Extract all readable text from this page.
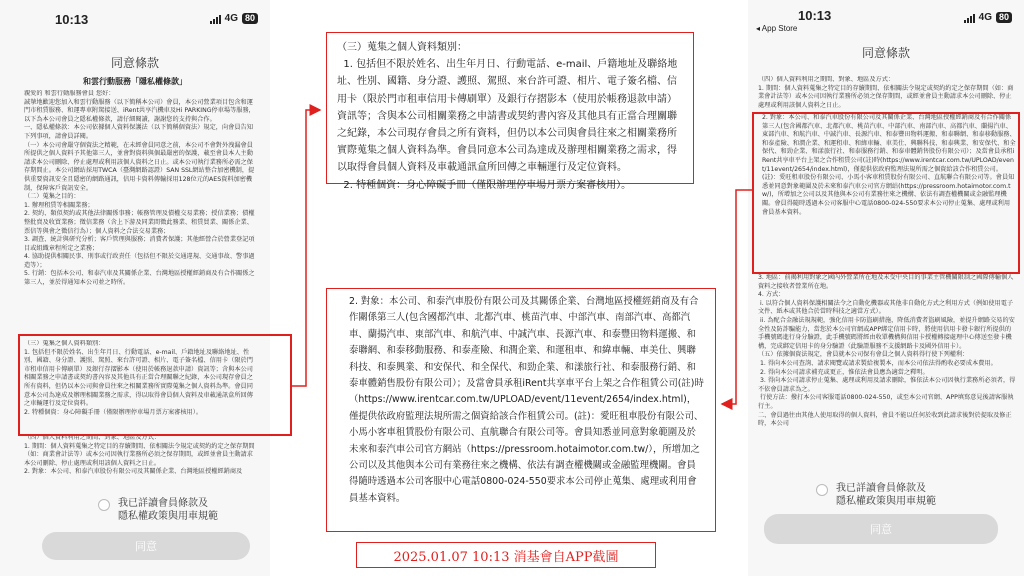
10:13	4G 80
同意條款
和雲行動服務「隱私權條款」
親愛的 和雲行動服務會員 您好：
誠摯地歡迎您加入和雲行動服務（以下簡稱本公司）會員，本公司營業項目包含和運門市租賃服務、和運專車附駕接送、iRent共享汽機車及Hi PARKING停車場等服務，以下為本公司會員之隱私權條款，請仔細閱讀，謝謝您的支持與合作。
一、隱私權條款：本公司依據個人資料保護法（以下簡稱個資法）規定，向會員告知下列事項，請會員詳閱。
（一）本公司會嚴守個資法之精範，在未經會員同意之前，本公司不會對外洩漏會員所提供之個人資料予其他第三人，並會對資料與個最嚴密的保護，載至會員本人主動請求本公司刪除、停止處理或利用該個人資料之日止。或本公司執行業務所必需之保存期間止。本公司網站採用TWCA（臺灣網路認證）SAN SSL網站整合加密機制，提供重要資訊安全且隱密的網路通訊，信用卡資料傳輸採用128位元的AES資料加密機制，保障客戶資訊安全。
（二）蒐集之目的：
1. 辦理租賃等相關業務；
2. 契約、類似契約或其他法律關係事務；帳務管理及債權交易業務；授信業務；債權整批賣及收買業務；徵信業務（含上下游及同業間徵此務業、租賃買業、關係企業、票信等與會之徵信行為）；個人資料之合法交易業務；
3. 調查、統計與研究分析；客戶管理與服務；消費者保護；其他經營合於營業登記項目或組織章程所定之業務；
4. 協助提供相關民事、刑事或行政責任（包括但不限於交通違規、交通事故、警事過造等）；
5. 行銷：包括本公司、和泰汽車及其關係企業、台灣地區授權經銷商及有合作關係之第三人，並於得通知本公司並之時所。
（三）蒐集之個人資料類別：
1. 包括但不限於姓名、出生年月日、行動電話、e-mail、戶籍地址及聯絡地址、性別、國籍、身分證、護照、駕照、來台許可證、相片、電子簽名檔、信用卡（限於門市租車信用卡傳刷單）及銀行存摺影本（使用於帳務退款申請）資訊等；含與本公司相關業務之申請書或契約書內容及其他具有正當合理關聯之紀錄，本公司現存會員之所有資料，但仍以本公司與會員往來之相關業務所實際蒐集之個人資料為準。會員同意本公司為達成及辦理相關業務之需求，得以取得會員個人資料及車載通訊盒所回傳之車輛運行及定位資料。
2. 特種個資：身心障礙手冊（僅限辦理停車場月票方案審核用）。
（四）個人資料利用之期間、對象、地區及方式：
1. 期間：個人資料蒐集之特定目的存續期間、依相關法令規定或契約約定之保存期間（如：商業會計法等）或本公司因執行業務所必須之保存期間，或經並會員主動請求本公司刪除、停止處理或利用該個人資料之日止。
2. 對象：本公司、和泰汽車股份有限公司及其關係企業、台灣地區授權經銷商及
我已詳讀會員條款及
隱私權政策與用車規範
同意
10:13
◂ App Store
4G 80
同意條款
（四）個人資料利用之期間、對象、地區及方式：
1. 期間：個人資料蒐集之特定目的存續期間、依相關法令規定或契約約定之保存期間（如：商業會計法等）或本公司因執行業務所必須之保存期間，或經並會員主動請求本公司刪除、停止處理或利用該個人資料之日止。
2. 對象：本公司、和泰汽車股份有限公司及其關係企業、台灣地區授權經銷商及有合作關係第三人(包含國都汽車、北都汽車、桃苗汽車、中部汽車、南部汽車、高都汽車、蘭揚汽車、東部汽車、和航汽車、中誠汽車、長源汽車、和泰豐田物料運搬、和泰聯網、和泰移動服務、和泰產險、和潤企業、和運租車、和緯車輛、車美仕、興聯科技、和泰興業、和安保代、和全保代、和勁企業、和漾旅行社、和泰服務行銷、和泰車體銷售股份有限公司）；及當會員承租iRent共享車平台上架之合作租賃公司(註)時(https://www.irentcar.com.tw/UPLOAD/event/11event/2654/index.html)，僅提供依政府監理法規所需之個資給該合作租賃公司。(註)：愛旺租車股份有限公司、小馬小客車租賃股份有限公司、直航聯合有限公司等。會員知悉並同意對象範圍及於未來和泰汽車公司官方網站(https://pressroom.hotaimotor.com.tw/)，所增加之公司以及其他與本公司有業務往來之機構、依法有調查權機關或金融監理機關。會員得隨時透過本公司客服中心電話0800-024-550要求本公司停止蒐集、處理或利用會員基本資料。
3. 地區：前揭利用對象之國內外營業所在地及未受中央目的事業主管機關限制之國際傳輸個人資料之接收者營業所在地。
4. 方式：
i. 以符合個人資料保護相關法令之自動化機器或其他非自動化方式之利用方式（例如使用電子文件、紙本或其他合於當時科技之適當方式）。
ii. 為配合金融法規規範，強化信用卡防盜刷措施，降低消費者盜刷風險，並提升網路交易的安全性及防詐騙能力，當您於本公司官網或APP綁定信用卡時，將使用信用卡發卡銀行所提供的手機號碼進行身分驗證，此手機號碼將經由收單機構與信用卡授權轉接處理中心傳送至發卡機構，完成綁定信用卡的身分驗證（此驗證服務不支援網路卡及國外信用卡）。
（五）依據個資法規定，會員就本公司保有會員之個人資料得行使下列權利：
1. 得向本公司查詢、請求閱覽或請求製給複製本，而本公司依法得酌收必要成本費用。
2. 得向本公司請求補充或更正，惟依法會員應為適當之釋明。
3. 得向本公司請求停止蒐集、處理或利用及請求刪除，惟依法本公司因執行業務所必須者，得不依會員請求為之。
行使方法：撥打本公司客服電話0800-024-550，或至本公司官網、APP填寫意見後請客服執行主。
二、會員過往由其他人使用取得的個人資料，會員不能以任何於收到此請求後對於提取及修正時，本公司
我已詳讀會員條款及
隱私權政策與用車規範
同意
（三）蒐集之個人資料類別：
1. 包括但不限於姓名、出生年月日、行動電話、e-mail、戶籍地址及聯絡地址、性別、國籍、身分證、護照、駕照、來台許可證、相片、電子簽名檔、信用卡（限於門市租車信用卡傳刷單）及銀行存摺影本（使用於帳務退款申請）資訊等；含與本公司相關業務之申請書或契約書內容及其他具有正當合理關聯之紀錄，本公司現存會員之所有資料，但仍以本公司與會員往來之相關業務所實際蒐集之個人資料為準。會員同意本公司為達成及辦理相關業務之需求，得以取得會員個人資料及車載通訊盒所回傳之車輛運行及定位資料。
2. 特種個資：身心障礙手冊（僅限辦理停車場月票方案審核用）。
2. 對象：本公司、和泰汽車股份有限公司及其關係企業、台灣地區授權經銷商及有合作關係第三人(包含國都汽車、北都汽車、桃苗汽車、中部汽車、南部汽車、高都汽車、蘭揚汽車、東部汽車、和航汽車、中誠汽車、長源汽車、和泰豐田物料運搬、和泰聯網、和泰移動服務、和泰產險、和潤企業、和運租車、和緯車輛、車美仕、興聯科技、和泰興業、和安保代、和全保代、和勁企業、和漾旅行社、和泰服務行銷、和泰車體銷售股份有限公司）；及當會員承租iRent共享車平台上架之合作租賃公司(註)時（https://www.irentcar.com.tw/UPLOAD/event/11event/2654/index.html)，僅提供依政府監理法規所需之個資給該合作租賃公司。(註)：愛旺租車股份有限公司、小馬小客車租賃股份有限公司、直航聯合有限公司等。會員知悉並同意對象範圍及於未來和泰汽車公司官方網站（https://pressroom.hotaimotor.com.tw/），所增加之公司以及其他與本公司有業務往來之機構、依法有調查權機關或金融監理機關。會員得隨時透過本公司客服中心電話0800-024-550要求本公司停止蒐集、處理或利用會員基本資料。
2025.01.07 10:13 消基會自APP截圖
